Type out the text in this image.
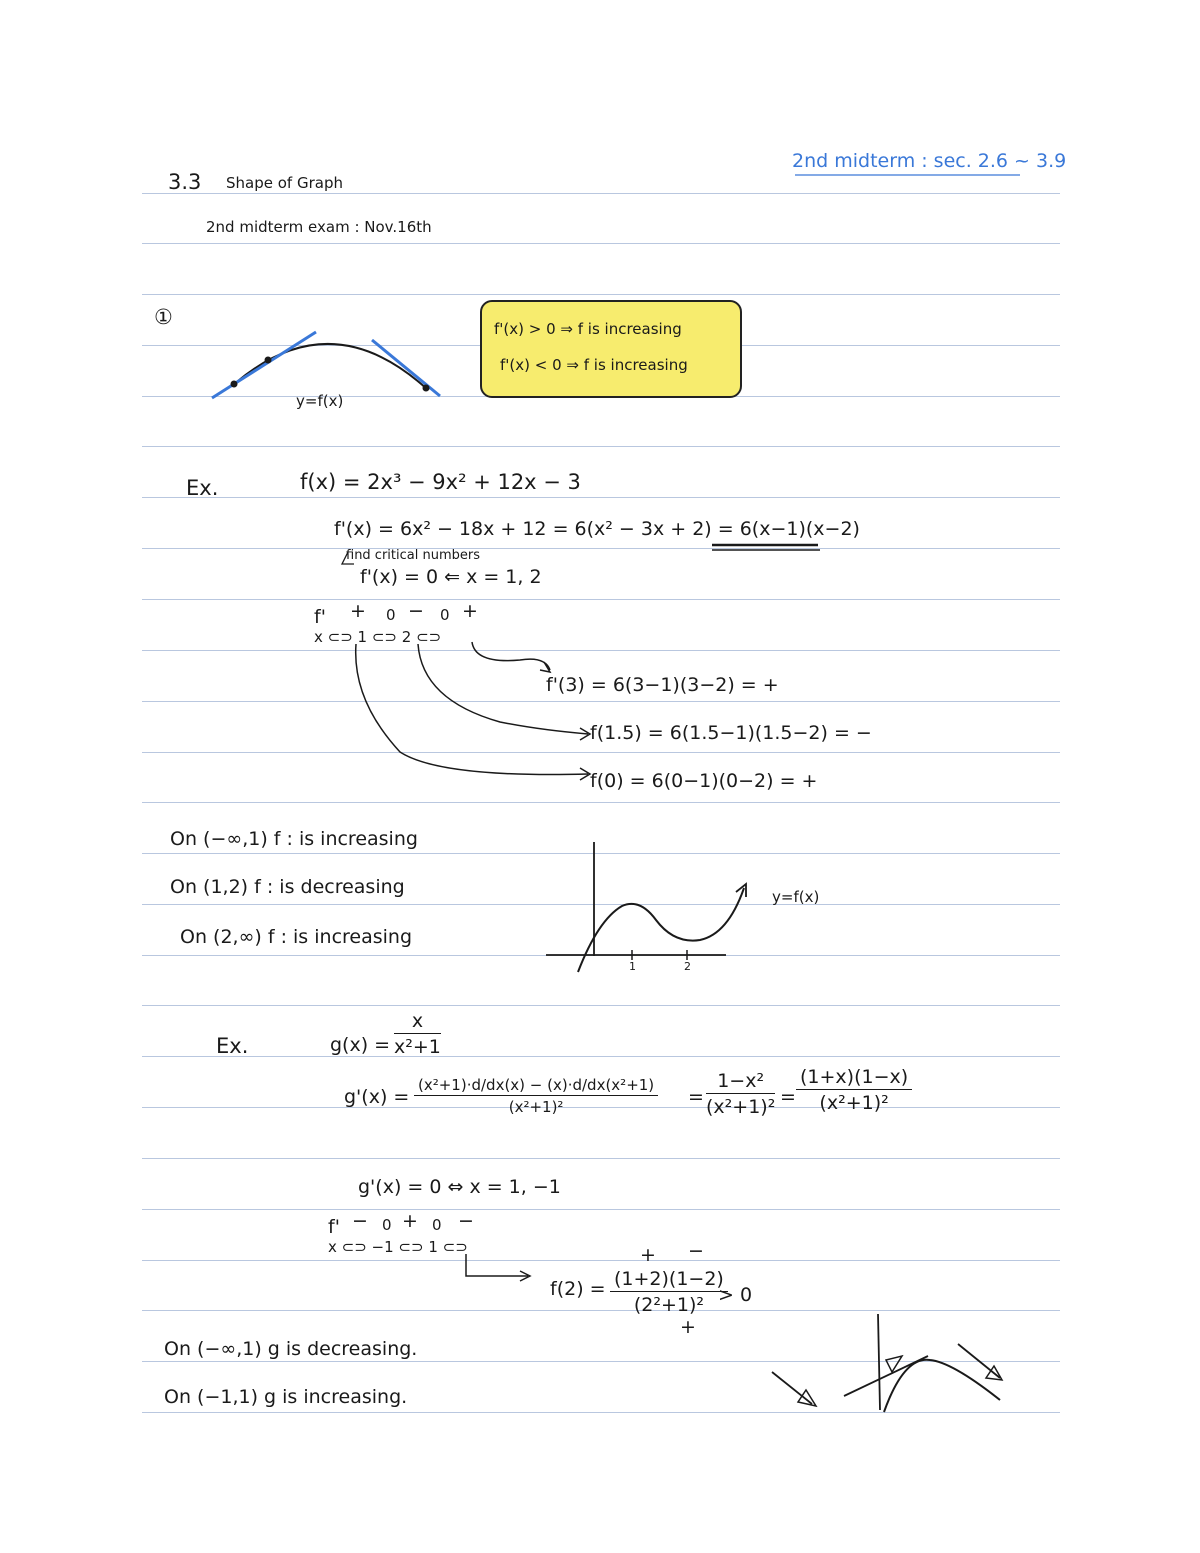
3.3 Shape of Graph
2nd midterm exam : Nov.16th
2nd midterm : sec. 2.6 ~ 3.9
①
y=f(x)
f'(x) > 0 ⇒ f is increasing
f'(x) < 0 ⇒ f is increasing
Ex.	f(x) = 2x³ − 9x² + 12x − 3
f'(x) = 6x² − 18x + 12 = 6(x² − 3x + 2) = 6(x−1)(x−2)
find critical numbers
f'(x) = 0 ⇐ x = 1, 2
f' + 0 − 0 +
x ⊂⊃ 1 ⊂⊃ 2 ⊂⊃
f'(3) = 6(3−1)(3−2) = +
f(1.5) = 6(1.5−1)(1.5−2) = −
f(0) = 6(0−1)(0−2) = +
On (−∞,1) f : is increasing
On (1,2) f : is decreasing
On (2,∞) f : is increasing
y=f(x)
1	2
Ex.	$g(x) = \frac{x}{\text{x²+1}}$
$g'(x) = \frac{\text{(x²+1)·d/dx(x) − (x)·d/dx(x²+1)}}{\text{(x²+1)²}} = \frac{\text{1−x²}}{\text{(x²+1)²}} = \frac{(1+x)(1-x)}{\text{(x²+1)²}}$
g'(x) = 0 ⇔ x = 1, −1
f' − 0 + 0 −
x ⊂⊃ −1 ⊂⊃ 1 ⊂⊃	+ −
$f(2) = \frac{(1+2)(1-2)}{\text{(2²+1)²}}$
> 0
+
On (−∞,1) g is decreasing.
On (−1,1) g is increasing.
